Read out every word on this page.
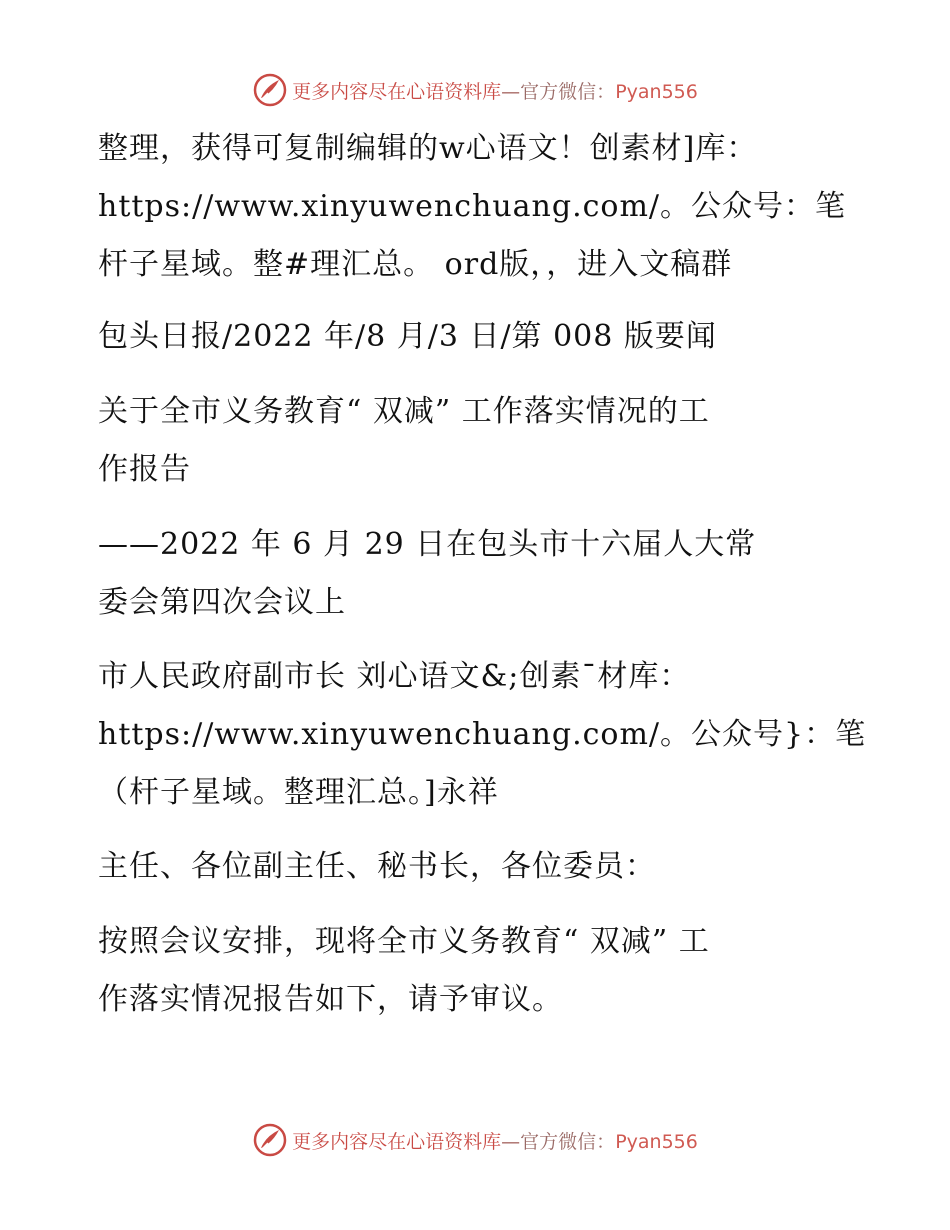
更多内容尽在心语资料库—官方微信：Pyan556
整理，获得可复制编辑的w心语文！创素材]库：
https://www.xinyuwenchuang.com/。公众号：笔
杆子星域。整#理汇总。 ord版，，进入文稿群
包头日报/2022 年/8 月/3 日/第 008 版要闻
关于全市义务教育“ 双减” 工作落实情况的工
作报告
——2022 年 6 月 29 日在包头市十六届人大常
委会第四次会议上
市人民政府副市长 刘心语文&;创素¯材库：
https://www.xinyuwenchuang.com/。公众号}：笔
（杆子星域。整理汇总。]永祥
主任、各位副主任、秘书长，各位委员：
按照会议安排，现将全市义务教育“ 双减” 工
作落实情况报告如下，请予审议。
更多内容尽在心语资料库—官方微信：Pyan556
